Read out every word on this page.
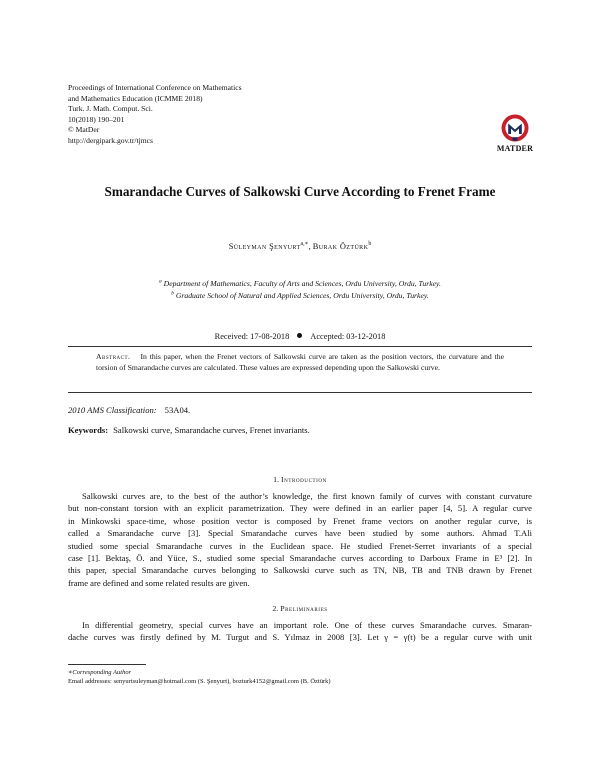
Proceedings of International Conference on Mathematics
and Mathematics Education (ICMME 2018)
Turk. J. Math. Comput. Sci.
10(2018) 190–201
© MatDer
http://dergipark.gov.tr/tjmcs
MATDER
Smarandache Curves of Salkowski Curve According to Frenet Frame
Süleyman Şenyurt$^{a,∗}$, Burak Öztürk$^b$
$^a$ Department of Mathematics, Faculty of Arts and Sciences, Ordu University, Ordu, Turkey.
$^b$ Graduate School of Natural and Applied Sciences, Ordu University, Ordu, Turkey.
Received: 17-08-2018	Accepted: 03-12-2018
Abstract. In this paper, when the Frenet vectors of Salkowski curve are taken as the position vectors, the curvature and the torsion of Smarandache curves are calculated. These values are expressed depending upon the Salkowski curve.
2010 AMS Classification: 53A04.
Keywords: Salkowski curve, Smarandache curves, Frenet invariants.
1. Introduction
Salkowski curves are, to the best of the author’s knowledge, the first known family of curves with constant curvature
but non-constant torsion with an explicit parametrization. They were defined in an earlier paper [4, 5]. A regular curve
in Minkowski space-time, whose position vector is composed by Frenet frame vectors on another regular curve, is
called a Smarandache curve [3]. Special Smarandache curves have been studied by some authors. Ahmad T.Ali
studied some special Smarandache curves in the Euclidean space. He studied Frenet-Serret invariants of a special
case [1]. Bektaş, Ö. and Yüce, S., studied some special Smarandache curves according to Darboux Frame in E³ [2]. In
this paper, special Smarandache curves belonging to Salkowski curve such as TN, NB, TB and TNB drawn by Frenet
frame are defined and some related results are given.
2. Preliminaries
In differential geometry, special curves have an important role. One of these curves Smarandache curves. Smaran-
dache curves was firstly defined by M. Turgut and S. Yılmaz in 2008 [3]. Let γ = γ(t) be a regular curve with unit
∗Corresponding Author
Email addresses: senyurtsuleyman@hotmail.com (S. Şenyurt), bozturk4152@gmail.com (B. Öztürk)
